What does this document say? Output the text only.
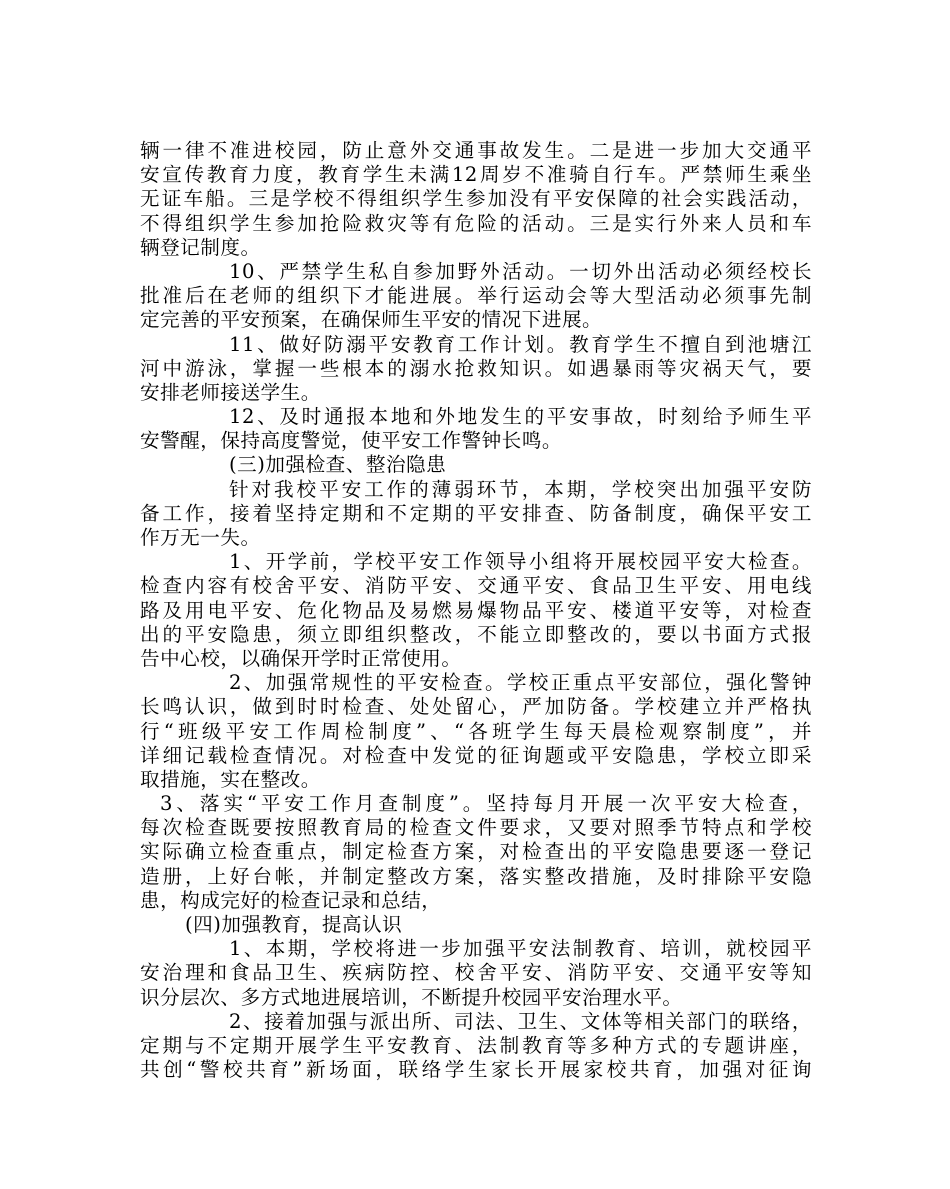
辆一律不准进校园，防止意外交通事故发生。二是进一步加大交通平
安宣传教育力度，教育学生未满12周岁不准骑自行车。严禁师生乘坐
无证车船。三是学校不得组织学生参加没有平安保障的社会实践活动，
不得组织学生参加抢险救灾等有危险的活动。三是实行外来人员和车
辆登记制度。
10、严禁学生私自参加野外活动。一切外出活动必须经校长
批准后在老师的组织下才能进展。举行运动会等大型活动必须事先制
定完善的平安预案，在确保师生平安的情况下进展。
11、做好防溺平安教育工作计划。教育学生不擅自到池塘江
河中游泳，掌握一些根本的溺水抢救知识。如遇暴雨等灾祸天气，要
安排老师接送学生。
12、及时通报本地和外地发生的平安事故，时刻给予师生平
安警醒，保持高度警觉，使平安工作警钟长鸣。
(三)加强检查、整治隐患
针对我校平安工作的薄弱环节，本期，学校突出加强平安防
备工作，接着坚持定期和不定期的平安排查、防备制度，确保平安工
作万无一失。
1、开学前，学校平安工作领导小组将开展校园平安大检查。
检查内容有校舍平安、消防平安、交通平安、食品卫生平安、用电线
路及用电平安、危化物品及易燃易爆物品平安、楼道平安等，对检查
出的平安隐患，须立即组织整改，不能立即整改的，要以书面方式报
告中心校，以确保开学时正常使用。
2、加强常规性的平安检查。学校正重点平安部位，强化警钟
长鸣认识，做到时时检查、处处留心，严加防备。学校建立并严格执
行“班级平安工作周检制度”、“各班学生每天晨检观察制度”，并
详细记载检查情况。对检查中发觉的征询题或平安隐患，学校立即采
取措施，实在整改。
3、落实“平安工作月查制度”。坚持每月开展一次平安大检查，
每次检查既要按照教育局的检查文件要求，又要对照季节特点和学校
实际确立检查重点，制定检查方案，对检查出的平安隐患要逐一登记
造册，上好台帐，并制定整改方案，落实整改措施，及时排除平安隐
患，构成完好的检查记录和总结，
(四)加强教育，提高认识
1、本期，学校将进一步加强平安法制教育、培训，就校园平
安治理和食品卫生、疾病防控、校舍平安、消防平安、交通平安等知
识分层次、多方式地进展培训，不断提升校园平安治理水平。
2、接着加强与派出所、司法、卫生、文体等相关部门的联络，
定期与不定期开展学生平安教育、法制教育等多种方式的专题讲座，
共创“警校共育”新场面，联络学生家长开展家校共育，加强对征询
